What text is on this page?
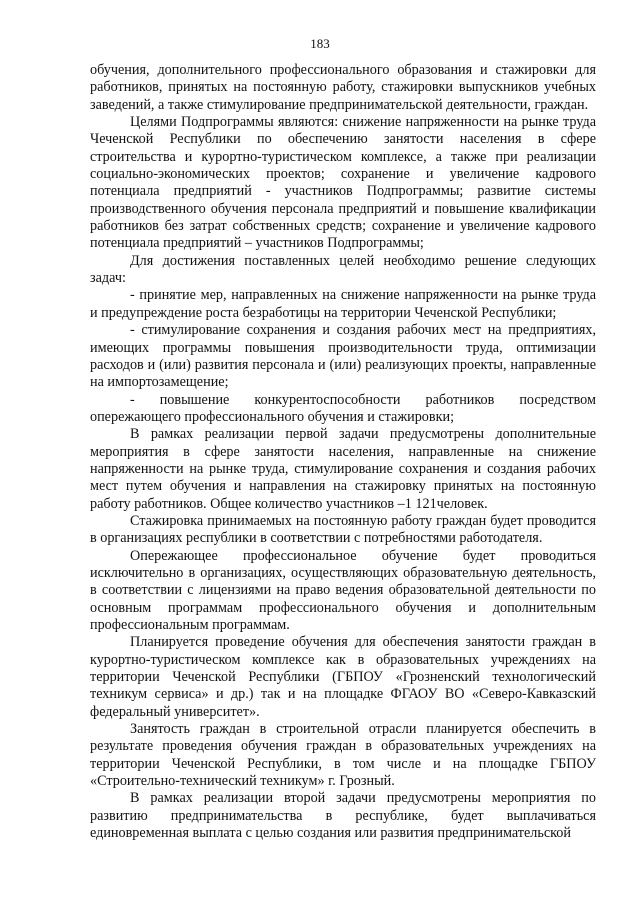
183

обучения, дополнительного профессионального образования и стажировки для работников, принятых на постоянную работу, стажировки выпускников учебных заведений, а также стимулирование предпринимательской деятельности, граждан.

Целями Подпрограммы являются: снижение напряженности на рынке труда Чеченской Республики по обеспечению занятости населения в сфере строительства и курортно-туристическом комплексе, а также при реализации социально-экономических проектов; сохранение и увеличение кадрового потенциала предприятий - участников Подпрограммы; развитие системы производственного обучения персонала предприятий и повышение квалификации работников без затрат собственных средств; сохранение и увеличение кадрового потенциала предприятий – участников Подпрограммы;

Для достижения поставленных целей необходимо решение следующих задач:

- принятие мер, направленных на снижение напряженности на рынке труда и предупреждение роста безработицы на территории Чеченской Республики;

- стимулирование сохранения и создания рабочих мест на предприятиях, имеющих программы повышения производительности труда, оптимизации расходов и (или) развития персонала и (или) реализующих проекты, направленные на импортозамещение;

- повышение конкурентоспособности работников посредством опережающего профессионального обучения и стажировки;

В рамках реализации первой задачи предусмотрены дополнительные мероприятия в сфере занятости населения, направленные на снижение напряженности на рынке труда, стимулирование сохранения и создания рабочих мест путем обучения и направления на стажировку принятых на постоянную работу работников. Общее количество участников –1 121человек.

Стажировка принимаемых на постоянную работу граждан будет проводится в организациях республики в соответствии с потребностями работодателя.

Опережающее профессиональное обучение будет проводиться исключительно в организациях, осуществляющих образовательную деятельность, в соответствии с лицензиями на право ведения образовательной деятельности по основным программам профессионального обучения и дополнительным профессиональным программам.

Планируется проведение обучения для обеспечения занятости граждан в курортно-туристическом комплексе как в образовательных учреждениях на территории Чеченской Республики (ГБПОУ «Грозненский технологический техникум сервиса» и др.) так и на площадке ФГАОУ ВО «Северо-Кавказский федеральный университет».

Занятость граждан в строительной отрасли планируется обеспечить в результате проведения обучения граждан в образовательных учреждениях на территории Чеченской Республики, в том числе и на площадке ГБПОУ «Строительно-технический техникум» г. Грозный.

В рамках реализации второй задачи предусмотрены мероприятия по развитию предпринимательства в республике, будет выплачиваться единовременная выплата с целью создания или развития предпринимательской
